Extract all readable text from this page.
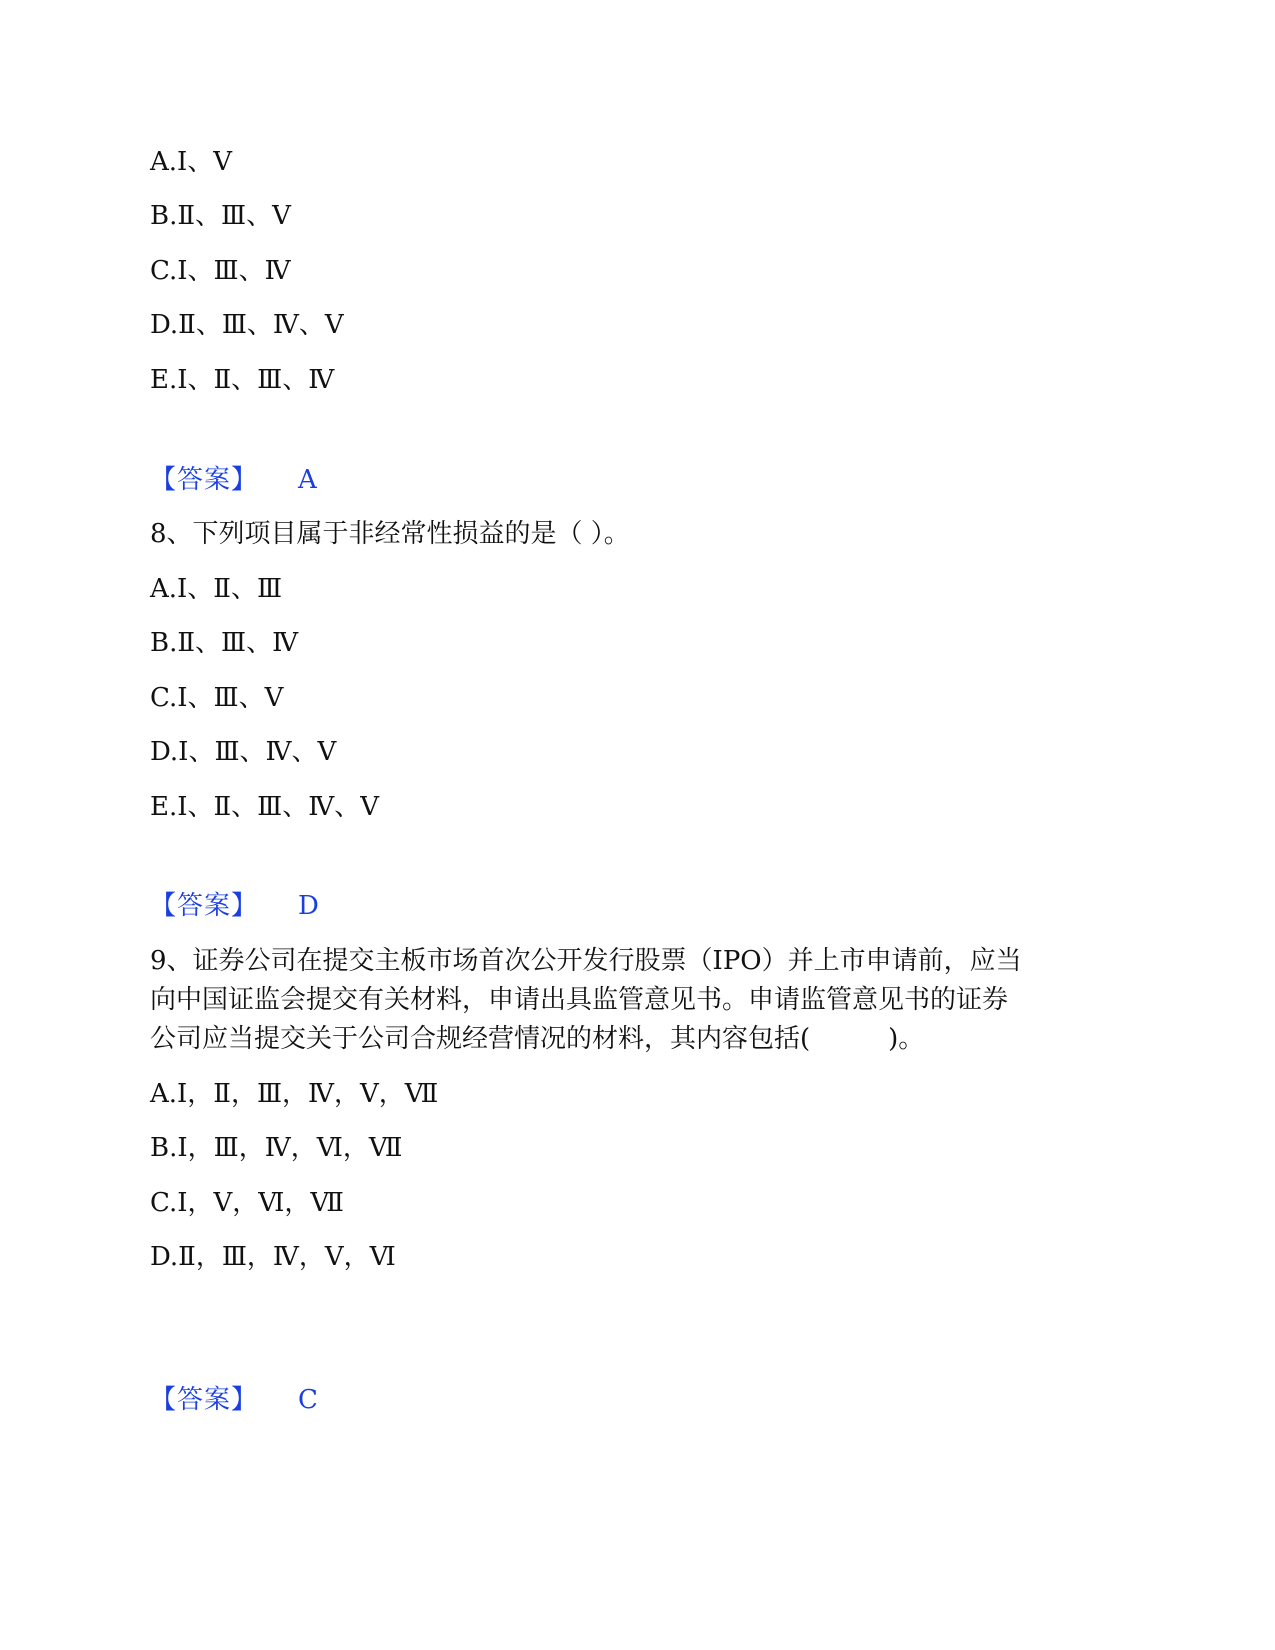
A.Ⅰ、Ⅴ
B.Ⅱ、Ⅲ、Ⅴ
C.Ⅰ、Ⅲ、Ⅳ
D.Ⅱ、Ⅲ、Ⅳ、Ⅴ
E.Ⅰ、Ⅱ、Ⅲ、Ⅳ
【答案】 A
8、下列项目属于非经常性损益的是（ ）。
A.Ⅰ、Ⅱ、Ⅲ
B.Ⅱ、Ⅲ、Ⅳ
C.Ⅰ、Ⅲ、Ⅴ
D.Ⅰ、Ⅲ、Ⅳ、Ⅴ
E.Ⅰ、Ⅱ、Ⅲ、Ⅳ、Ⅴ
【答案】 D
9、证券公司在提交主板市场首次公开发行股票（IPO）并上市申请前，应当
向中国证监会提交有关材料，申请出具监管意见书。申请监管意见书的证券
公司应当提交关于公司合规经营情况的材料，其内容包括(　　　)。
A.Ⅰ，Ⅱ，Ⅲ，Ⅳ，Ⅴ，Ⅶ
B.Ⅰ，Ⅲ，Ⅳ，Ⅵ，Ⅶ
C.Ⅰ，Ⅴ，Ⅵ，Ⅶ
D.Ⅱ，Ⅲ，Ⅳ，Ⅴ，Ⅵ
【答案】 C
